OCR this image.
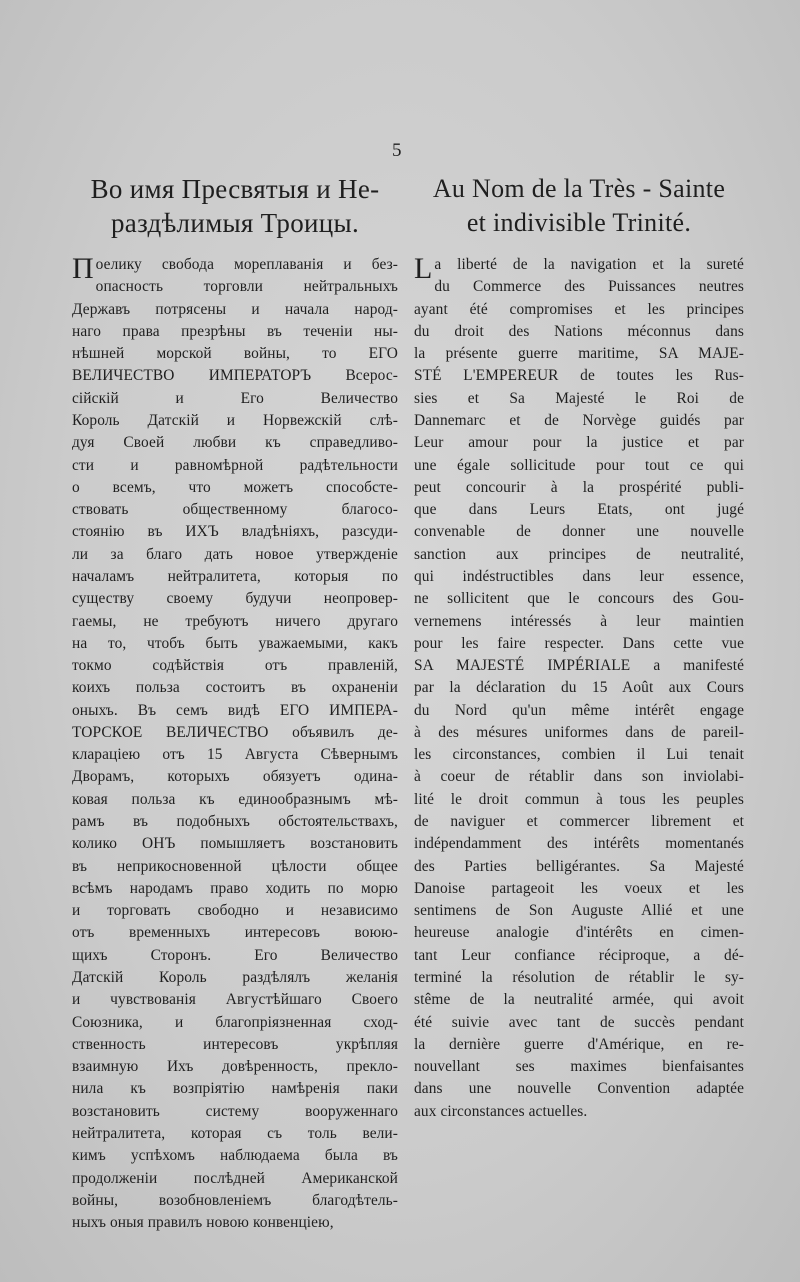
5
Во имя Пресвятыя и Не-
раздѣлимыя Троицы.
П оелику свобода мореплаванія и без-
опасность торговли нейтральныхъ
Державъ потрясены и начала народ-
наго права презрѣны въ теченіи ны-
нѣшней морской войны, то ЕГО
ВЕЛИЧЕСТВО ИМПЕРАТОРЪ Всерос-
сійскій и Его Величество
Король Датскій и Норвежскій слѣ-
дуя Своей любви къ справедливо-
сти и равномѣрной радѣтельности
о всемъ, что можетъ способсте-
ствовать общественному благосо-
стоянію въ ИХЪ владѣніяхъ, разсуди-
ли за благо дать новое утвержденіе
началамъ нейтралитета, которыя по
существу своему будучи неопровер-
гаемы, не требуютъ ничего другаго
на то, чтобъ быть уважаемыми, какъ
токмо содѣйствія отъ правленій,
коихъ польза состоитъ въ охраненіи
оныхъ. Въ семъ видѣ ЕГО ИМПЕРА-
ТОРСКОЕ ВЕЛИЧЕСТВО объявилъ де-
клараціею отъ 15 Августа Сѣвернымъ
Дворамъ, которыхъ обязуетъ одина-
ковая польза къ единообразнымъ мѣ-
рамъ въ подобныхъ обстоятельствахъ,
колико ОНЪ помышляетъ возстановить
въ неприкосновенной цѣлости общее
всѣмъ народамъ право ходить по морю
и торговать свободно и независимо
отъ временныхъ интересовъ воюю-
щихъ Сторонъ. Его Величество
Датскій Король раздѣлялъ желанія
и чувствованія Августѣйшаго Своего
Союзника, и благопріязненная сход-
ственность интересовъ укрѣпляя
взаимную Ихъ довѣренность, прекло-
нила къ возпріятію намѣренія паки
возстановить систему вооруженнаго
нейтралитета, которая съ толь вели-
кимъ успѣхомъ наблюдаема была въ
продолженіи послѣдней Американской
войны, возобновленіемъ благодѣтель-
ныхъ оныя правилъ новою конвенціею,
Au Nom de la Très - Sainte
et indivisible Trinité.
L a liberté de la navigation et la sureté
du Commerce des Puissances neutres
ayant été compromises et les principes
du droit des Nations méconnus dans
la présente guerre maritime, SA MAJE-
STÉ L'EMPEREUR de toutes les Rus-
sies et Sa Majesté le Roi de
Dannemarc et de Norvège guidés par
Leur amour pour la justice et par
une égale sollicitude pour tout ce qui
peut concourir à la prospérité publi-
que dans Leurs Etats, ont jugé
convenable de donner une nouvelle
sanction aux principes de neutralité,
qui indéstructibles dans leur essence,
ne sollicitent que le concours des Gou-
vernemens intéressés à leur maintien
pour les faire respecter. Dans cette vue
SA MAJESTÉ IMPÉRIALE a manifesté
par la déclaration du 15 Août aux Cours
du Nord qu'un même intérêt engage
à des mésures uniformes dans de pareil-
les circonstances, combien il Lui tenait
à coeur de rétablir dans son inviolabi-
lité le droit commun à tous les peuples
de naviguer et commercer librement et
indépendamment des intérêts momentanés
des Parties belligérantes. Sa Majesté
Danoise partageoit les voeux et les
sentimens de Son Auguste Allié et une
heureuse analogie d'intérêts en cimen-
tant Leur confiance réciproque, a dé-
terminé la résolution de rétablir le sy-
stême de la neutralité armée, qui avoit
été suivie avec tant de succès pendant
la dernière guerre d'Amérique, en re-
nouvellant ses maximes bienfaisantes
dans une nouvelle Convention adaptée
aux circonstances actuelles.
